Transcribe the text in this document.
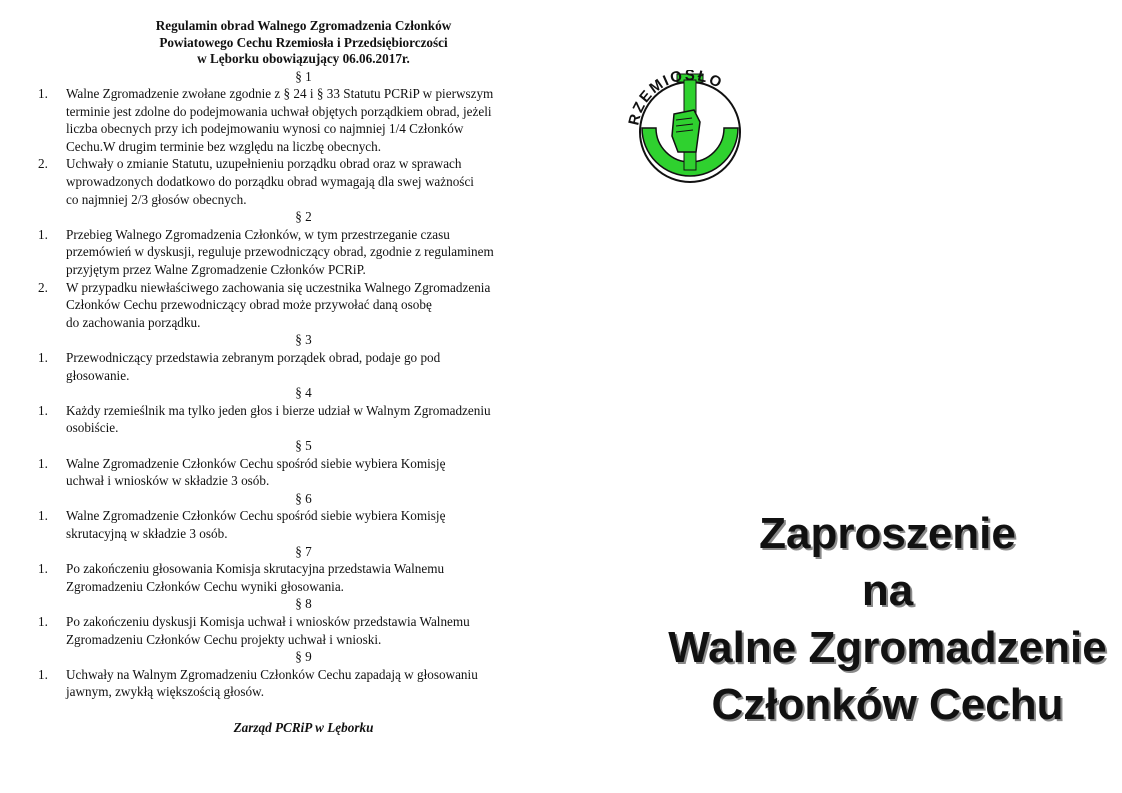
Regulamin obrad Walnego Zgromadzenia Członków
Powiatowego Cechu Rzemiosła i Przedsiębiorczości
w Lęborku obowiązujący 06.06.2017r.
§ 1
1.	Walne Zgromadzenie zwołane zgodnie z § 24 i § 33 Statutu PCRiP w pierwszym
terminie jest zdolne do podejmowania uchwał objętych porządkiem obrad, jeżeli
liczba obecnych przy ich podejmowaniu wynosi co najmniej 1/4 Członków
Cechu.W drugim terminie bez względu na liczbę obecnych.
2.	Uchwały o zmianie Statutu, uzupełnieniu porządku obrad oraz w sprawach
wprowadzonych dodatkowo do porządku obrad wymagają dla swej ważności
co najmniej 2/3 głosów obecnych.
§ 2
1.	Przebieg Walnego Zgromadzenia Członków, w tym przestrzeganie czasu
przemówień w dyskusji, reguluje przewodniczący obrad, zgodnie z regulaminem
przyjętym przez Walne Zgromadzenie Członków PCRiP.
2.	W przypadku niewłaściwego zachowania się uczestnika Walnego Zgromadzenia
Członków Cechu przewodniczący obrad może przywołać daną osobę
do zachowania porządku.
§ 3
1.	Przewodniczący przedstawia zebranym porządek obrad, podaje go pod
głosowanie.
§ 4
1.	Każdy rzemieślnik ma tylko jeden głos i bierze udział w Walnym Zgromadzeniu
osobiście.
§ 5
1.	Walne Zgromadzenie Członków Cechu spośród siebie wybiera Komisję
uchwał i wniosków w składzie 3 osób.
§ 6
1.	Walne Zgromadzenie Członków Cechu spośród siebie wybiera Komisję
skrutacyjną w składzie 3 osób.
§ 7
1.	Po zakończeniu głosowania Komisja skrutacyjna przedstawia Walnemu
Zgromadzeniu Członków Cechu wyniki głosowania.
§ 8
1.	Po zakończeniu dyskusji Komisja uchwał i wniosków przedstawia Walnemu
Zgromadzeniu Członków Cechu projekty uchwał i wnioski.
§ 9
1.	Uchwały na Walnym Zgromadzeniu Członków Cechu zapadają w głosowaniu
jawnym, zwykłą większością głosów.
Zarząd PCRiP w Lęborku
RZEMIOSŁO
Zaproszenie
na
Walne Zgromadzenie
Członków Cechu
